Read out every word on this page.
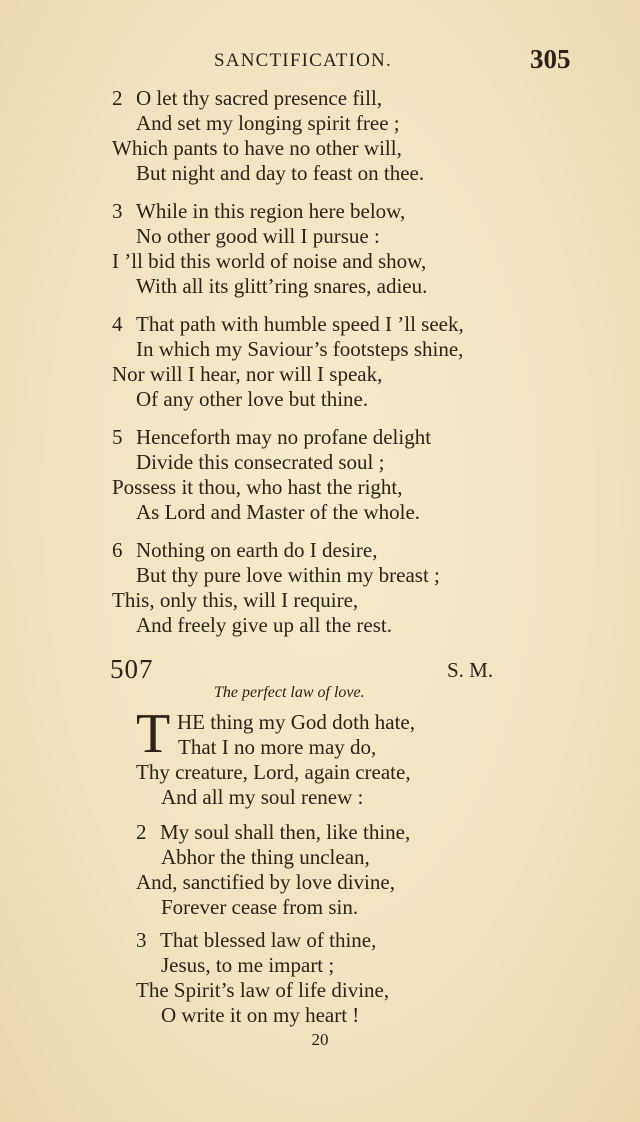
SANCTIFICATION.	305
2 O let thy sacred presence fill,
And set my longing spirit free ;
Which pants to have no other will,
But night and day to feast on thee.
3 While in this region here below,
No other good will I pursue :
I ’ll bid this world of noise and show,
With all its glitt’ring snares, adieu.
4 That path with humble speed I ’ll seek,
In which my Saviour’s footsteps shine,
Nor will I hear, nor will I speak,
Of any other love but thine.
5 Henceforth may no profane delight
Divide this consecrated soul ;
Possess it thou, who hast the right,
As Lord and Master of the whole.
6 Nothing on earth do I desire,
But thy pure love within my breast ;
This, only this, will I require,
And freely give up all the rest.
507	S. M.
The perfect law of love.
T HE thing my God doth hate,
That I no more may do,
Thy creature, Lord, again create,
And all my soul renew :
2 My soul shall then, like thine,
Abhor the thing unclean,
And, sanctified by love divine,
Forever cease from sin.
3 That blessed law of thine,
Jesus, to me impart ;
The Spirit’s law of life divine,
O write it on my heart !
20
